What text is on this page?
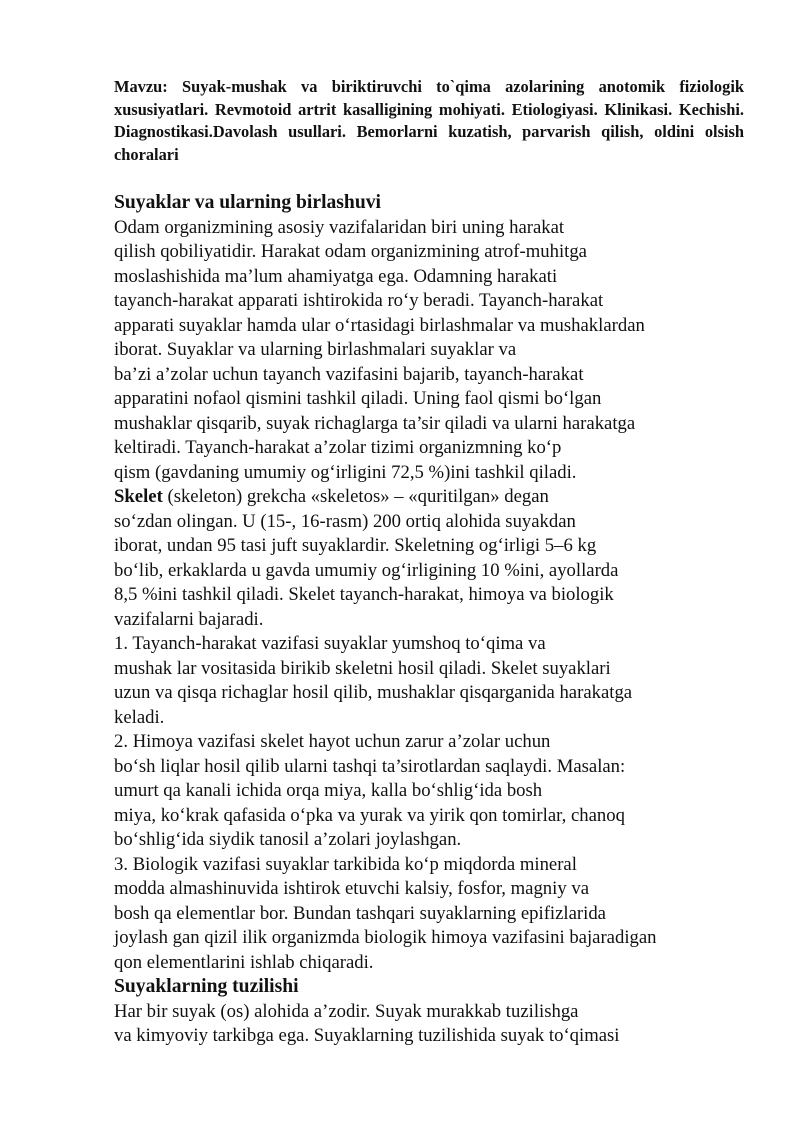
Mavzu: Suyak-mushak va biriktiruvchi to`qima azolarining anotomik fiziologik xususiyatlari. Revmotoid artrit kasalligining mohiyati. Etiologiyasi. Klinikasi. Kechishi. Diagnostikasi.Davolash usullari. Bemorlarni kuzatish, parvarish qilish, oldini olsish choralari

Suyaklar va ularning birlashuvi
Odam organizmining asosiy vazifalaridan biri uning harakat
qilish qobiliyatidir. Harakat odam organizmining atrof-muhitga
moslashishida ma’lum ahamiyatga ega. Odamning harakati
tayanch-harakat apparati ishtirokida ro‘y beradi. Tayanch-harakat
apparati suyaklar hamda ular o‘rtasidagi birlashmalar va mushaklardan
iborat. Suyaklar va ularning birlashmalari suyaklar va
ba’zi a’zolar uchun tayanch vazifasini bajarib, tayanch-harakat
apparatini nofaol qismini tashkil qiladi. Uning faol qismi bo‘lgan
mushaklar qisqarib, suyak richaglarga ta’sir qiladi va ularni harakatga
keltiradi. Tayanch-harakat a’zolar tizimi organizmning ko‘p
qism (gavdaning umumiy og‘irligini 72,5 %)ini tashkil qiladi.
Skelet (skeleton) grekcha «skeletos» – «quritilgan» degan
so‘zdan olingan. U (15-, 16-rasm) 200 ortiq alohida suyakdan
iborat, undan 95 tasi juft suyaklardir. Skeletning og‘irligi 5–6 kg
bo‘lib, erkaklarda u gavda umumiy og‘irligining 10 %ini, ayollarda
8,5 %ini tashkil qiladi. Skelet tayanch-harakat, himoya va biologik
vazifalarni bajaradi.
1. Tayanch-harakat vazifasi suyaklar yumshoq to‘qima va
mushak lar vositasida birikib skeletni hosil qiladi. Skelet suyaklari
uzun va qisqa richaglar hosil qilib, mushaklar qisqarganida harakatga
keladi.
2. Himoya vazifasi skelet hayot uchun zarur a’zolar uchun
bo‘sh liqlar hosil qilib ularni tashqi ta’sirotlardan saqlaydi. Masalan:
umurt qa kanali ichida orqa miya, kalla bo‘shlig‘ida bosh
miya, ko‘krak qafasida o‘pka va yurak va yirik qon tomirlar, chanoq
bo‘shlig‘ida siydik tanosil a’zolari joylashgan.
3. Biologik vazifasi suyaklar tarkibida ko‘p miqdorda mineral
modda almashinuvida ishtirok etuvchi kalsiy, fosfor, magniy va
bosh qa elementlar bor. Bundan tashqari suyaklarning epifizlarida
joylash gan qizil ilik organizmda biologik himoya vazifasini bajaradigan
qon elementlarini ishlab chiqaradi.
Suyaklarning tuzilishi
Har bir suyak (os) alohida a’zodir. Suyak murakkab tuzilishga
va kimyoviy tarkibga ega. Suyaklarning tuzilishida suyak to‘qimasi
